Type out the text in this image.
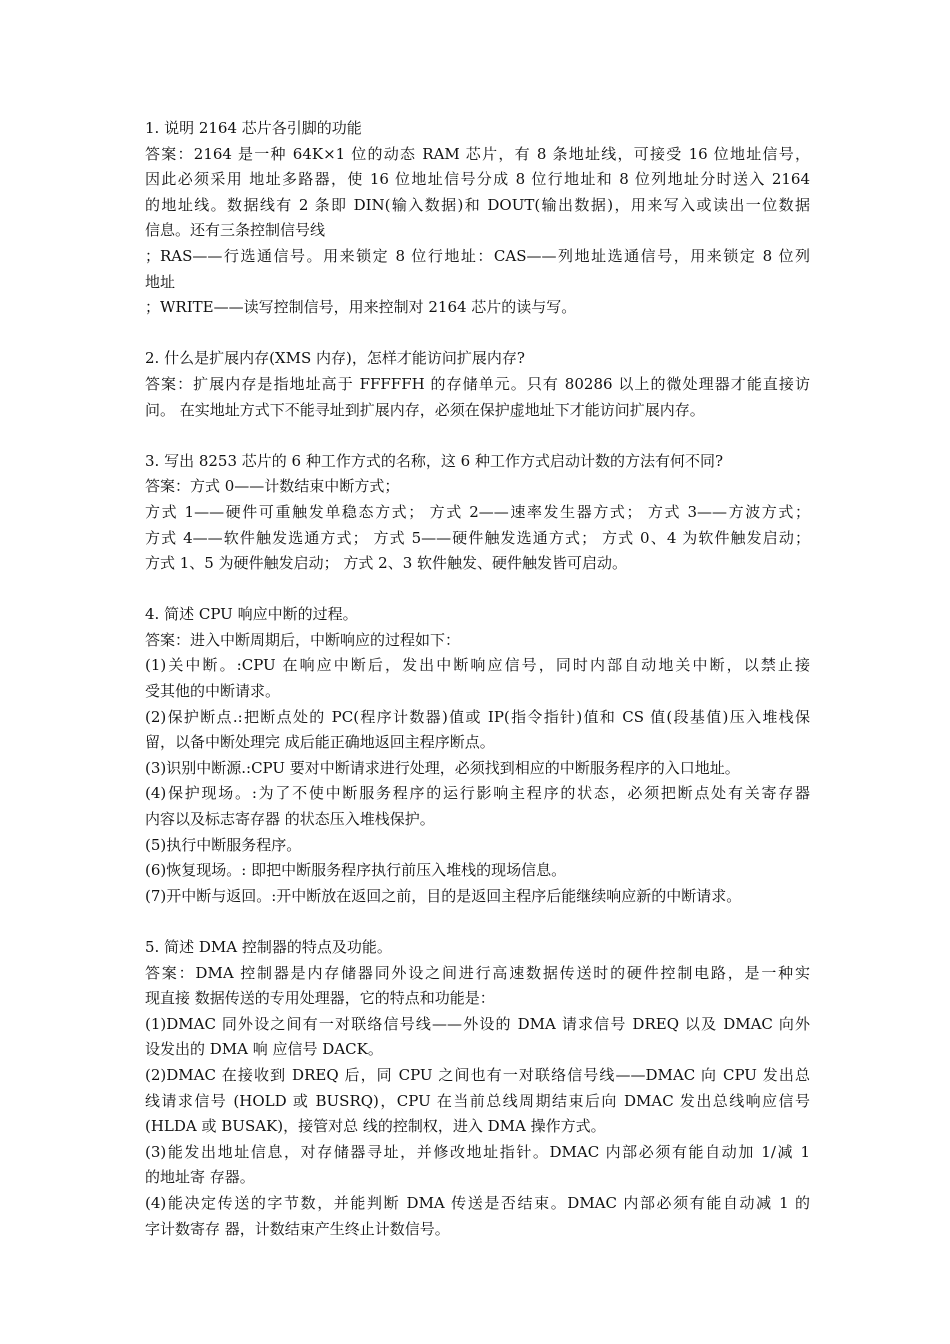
1. 说明 2164 芯片各引脚的功能
答案：2164 是一种 64K×1 位的动态 RAM 芯片，有 8 条地址线，可接受 16 位地址信号，
因此必须采用 地址多路器，使 16 位地址信号分成 8 位行地址和 8 位列地址分时送入 2164
的地址线。数据线有 2 条即 DIN(输入数据)和 DOUT(输出数据)，用来写入或读出一位数据
信息。还有三条控制信号线
；RAS——行选通信号。用来锁定 8 位行地址：CAS——列地址选通信号，用来锁定 8 位列
地址
；WRITE——读写控制信号，用来控制对 2164 芯片的读与写。
2. 什么是扩展内存(XMS 内存)，怎样才能访问扩展内存?
答案：扩展内存是指地址高于 FFFFFH 的存储单元。只有 80286 以上的微处理器才能直接访
问。 在实地址方式下不能寻址到扩展内存，必须在保护虚地址下才能访问扩展内存。
3. 写出 8253 芯片的 6 种工作方式的名称，这 6 种工作方式启动计数的方法有何不同?
答案：方式 0——计数结束中断方式；
方式 1——硬件可重触发单稳态方式； 方式 2——速率发生器方式； 方式 3——方波方式；
方式 4——软件触发选通方式； 方式 5——硬件触发选通方式； 方式 0、4 为软件触发启动；
方式 1、5 为硬件触发启动； 方式 2、3 软件触发、硬件触发皆可启动。
4. 简述 CPU 响应中断的过程。
答案：进入中断周期后，中断响应的过程如下：
(1)关中断。:CPU 在响应中断后，发出中断响应信号，同时内部自动地关中断，以禁止接
受其他的中断请求。
(2)保护断点.:把断点处的 PC(程序计数器)值或 IP(指令指针)值和 CS 值(段基值)压入堆栈保
留，以备中断处理完 成后能正确地返回主程序断点。
(3)识别中断源.:CPU 要对中断请求进行处理，必须找到相应的中断服务程序的入口地址。
(4)保护现场。:为了不使中断服务程序的运行影响主程序的状态，必须把断点处有关寄存器
内容以及标志寄存器 的状态压入堆栈保护。
(5)执行中断服务程序。
(6)恢复现场。: 即把中断服务程序执行前压入堆栈的现场信息。
(7)开中断与返回。:开中断放在返回之前，目的是返回主程序后能继续响应新的中断请求。
5. 简述 DMA 控制器的特点及功能。
答案：DMA 控制器是内存储器同外设之间进行高速数据传送时的硬件控制电路，是一种实
现直接 数据传送的专用处理器，它的特点和功能是：
(1)DMAC 同外设之间有一对联络信号线——外设的 DMA 请求信号 DREQ 以及 DMAC 向外
设发出的 DMA 响 应信号 DACK。
(2)DMAC 在接收到 DREQ 后，同 CPU 之间也有一对联络信号线——DMAC 向 CPU 发出总
线请求信号 (HOLD 或 BUSRQ)，CPU 在当前总线周期结束后向 DMAC 发出总线响应信号
(HLDA 或 BUSAK)，接管对总 线的控制权，进入 DMA 操作方式。
(3)能发出地址信息，对存储器寻址，并修改地址指针。DMAC 内部必须有能自动加 1/减 1
的地址寄 存器。
(4)能决定传送的字节数，并能判断 DMA 传送是否结束。DMAC 内部必须有能自动减 1 的
字计数寄存 器，计数结束产生终止计数信号。
